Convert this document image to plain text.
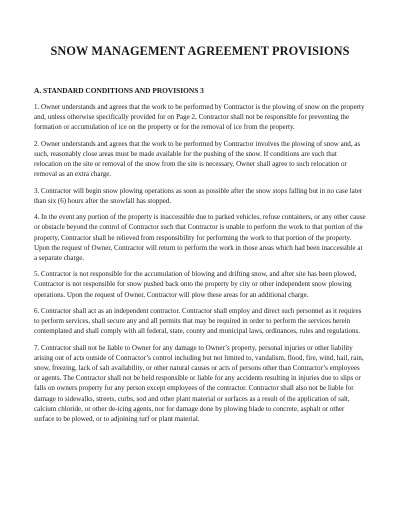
SNOW MANAGEMENT AGREEMENT PROVISIONS
A. STANDARD CONDITIONS AND PROVISIONS 3

1. Owner understands and agrees that the work to be performed by Contractor is the plowing of snow on the property and, unless otherwise specifically provided for on Page 2, Contractor shall not be responsible for preventing the formation or accumulation of ice on the property or for the removal of ice from the property.

2. Owner understands and agrees that the work to be performed by Contractor involves the plowing of snow and, as such, reasonably close areas must be made available for the pushing of the snow. If conditions are such that relocation on the site or removal of the snow from the site is necessary, Owner shall agree to such relocation or removal as an extra charge.

3. Contractor will begin snow plowing operations as soon as possible after the snow stops falling but in no case later than six (6) hours after the snowfall has stopped.

4. In the event any portion of the property is inaccessible due to parked vehicles, refuse containers, or any other cause or obstacle beyond the control of Contractor such that Contractor is unable to perform the work to that portion of the property, Contractor shall be relieved from responsibility for performing the work to that portion of the property. Upon the request of Owner, Contractor will return to perform the work in those areas which had been inaccessible at a separate charge.

5. Contractor is not responsible for the accumulation of blowing and drifting snow, and after site has been plowed, Contractor is not responsible for snow pushed back onto the property by city or other independent snow plowing operations. Upon the request of Owner, Contractor will plow these areas for an additional charge.

6. Contractor shall act as an independent contractor. Contractor shall employ and direct such personnel as it requires to perform services, shall secure any and all permits that may be required in order to perform the services herein contemplated and shall comply with all federal, state, county and municipal laws, ordinances, rules and regulations.

7. Contractor shall not be liable to Owner for any damage to Owner’s property, personal injuries or other liability arising out of acts outside of Contractor’s control including but not limited to, vandalism, flood, fire, wind, hail, rain, snow, freezing, lack of salt availability, or other natural causes or acts of persons other than Contractor’s employees or agents. The Contractor shall not be held responsible or liable for any accidents resulting in injuries due to slips or falls on owners property for any person except employees of the contractor. Contractor shall also not be liable for damage to sidewalks, streets, curbs, sod and other plant material or surfaces as a result of the application of salt, calcium chloride, or other de-icing agents, nor for damage done by plowing blade to concrete, asphalt or other surface to be plowed, or to adjoining turf or plant material.
